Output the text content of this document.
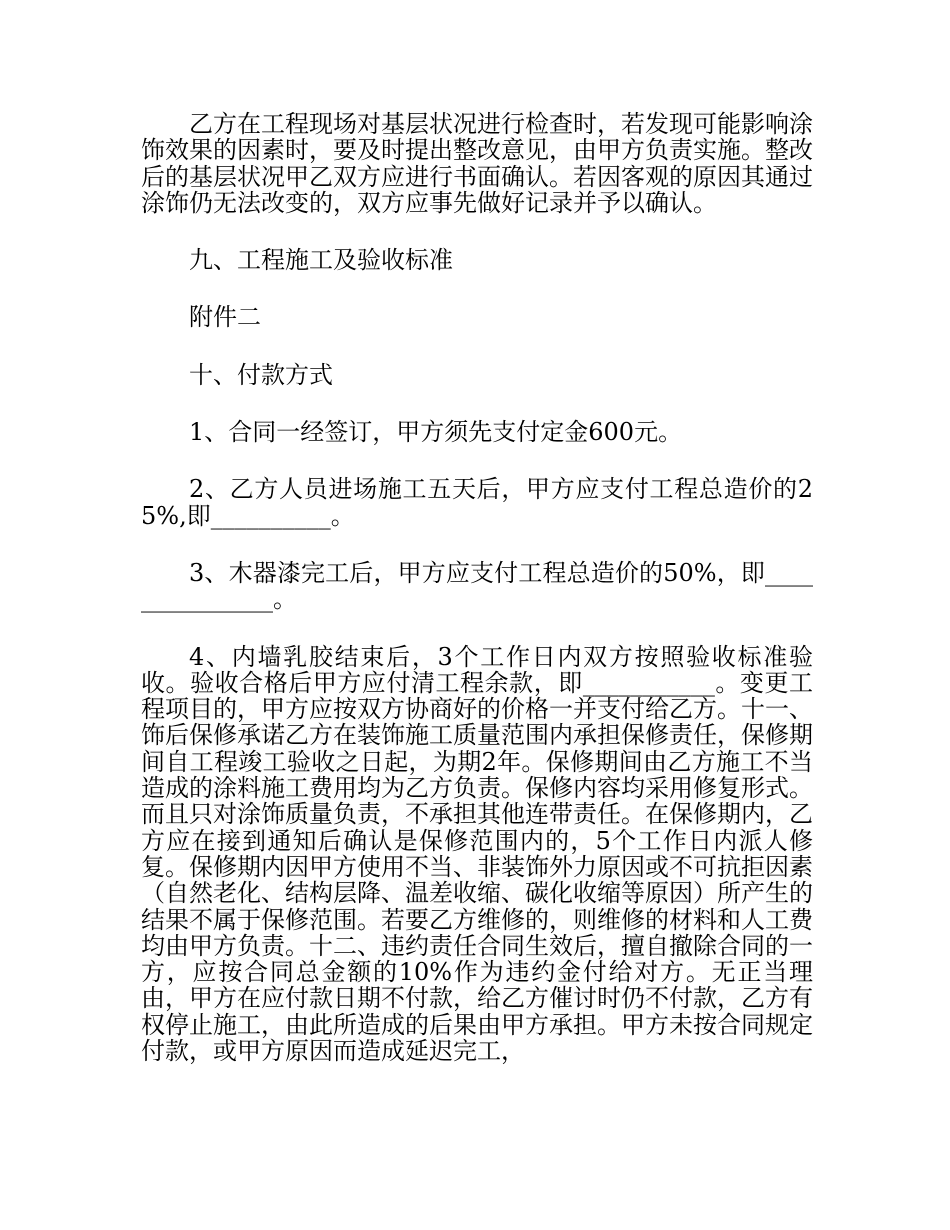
乙方在工程现场对基层状况进行检查时，若发现可能影响涂饰效果的因素时，要及时提出整改意见，由甲方负责实施。整改后的基层状况甲乙双方应进行书面确认。若因客观的原因其通过涂饰仍无法改变的，双方应事先做好记录并予以确认。

九、工程施工及验收标准

附件二

十、付款方式

1、合同一经签订，甲方须先支付定金600元。

2、乙方人员进场施工五天后，甲方应支付工程总造价的25%,即__________。

3、木器漆完工后，甲方应支付工程总造价的50%，即_______________。

4、内墙乳胶结束后，3个工作日内双方按照验收标准验收。验收合格后甲方应付清工程余款，即___________。变更工程项目的，甲方应按双方协商好的价格一并支付给乙方。十一、饰后保修承诺乙方在装饰施工质量范围内承担保修责任，保修期间自工程竣工验收之日起，为期2年。保修期间由乙方施工不当造成的涂料施工费用均为乙方负责。保修内容均采用修复形式。而且只对涂饰质量负责，不承担其他连带责任。在保修期内，乙方应在接到通知后确认是保修范围内的，5个工作日内派人修复。保修期内因甲方使用不当、非装饰外力原因或不可抗拒因素（自然老化、结构层降、温差收缩、碳化收缩等原因）所产生的结果不属于保修范围。若要乙方维修的，则维修的材料和人工费均由甲方负责。十二、违约责任合同生效后，擅自撤除合同的一方，应按合同总金额的10%作为违约金付给对方。无正当理由，甲方在应付款日期不付款，给乙方催讨时仍不付款，乙方有权停止施工，由此所造成的后果由甲方承担。甲方未按合同规定付款，或甲方原因而造成延迟完工，
